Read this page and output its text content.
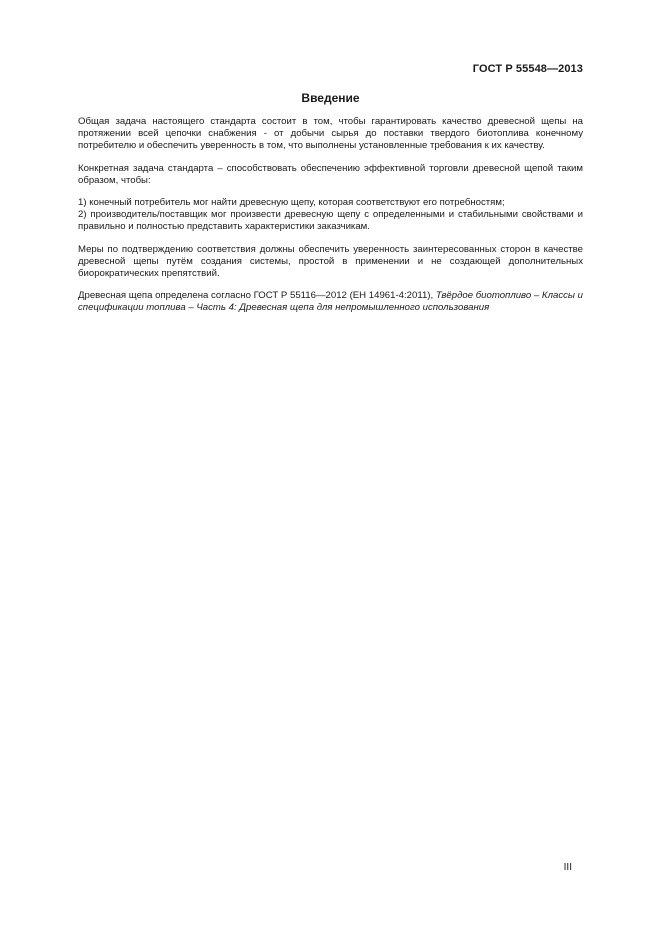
ГОСТ Р 55548—2013
Введение

Общая задача настоящего стандарта состоит в том, чтобы гарантировать качество древесной щепы на протяжении всей цепочки снабжения - от добычи сырья до поставки твердого биотоплива конечному потребителю и обеспечить уверенность в том, что выполнены установленные требования к их качеству.

Конкретная задача стандарта – способствовать обеспечению эффективной торговли древесной щепой таким образом, чтобы:

1) конечный потребитель мог найти древесную щепу, которая соответствуют его потребностям;

2) производитель/поставщик мог произвести древесную щепу с определенными и стабильными свойствами и правильно и полностью представить характеристики заказчикам.

Меры по подтверждению соответствия должны обеспечить уверенность заинтересованных сторон в качестве древесной щепы путём создания системы, простой в применении и не создающей дополнительных биорократических препятствий.

Древесная щепа определена согласно ГОСТ Р 55116—2012 (ЕН 14961-4:2011), Твёрдое биотопливо – Классы и спецификации топлива – Часть 4: Древесная щепа для непромышленного использования

III
